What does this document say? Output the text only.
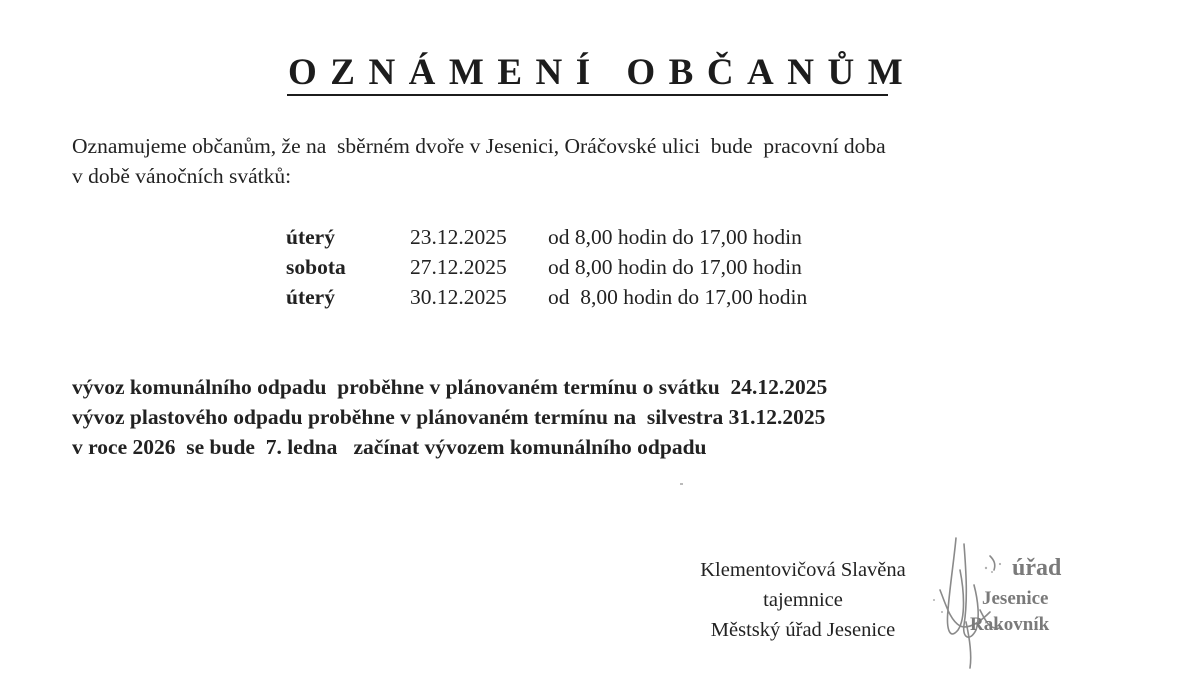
OZNÁMENÍ OBČANŮM
Oznamujeme občanům, že na  sběrném dvoře v Jesenici, Oráčovské ulici  bude  pracovní doba
v době vánočních svátků:
úterý	23.12.2025	od 8,00 hodin do 17,00 hodin
sobota	27.12.2025	od 8,00 hodin do 17,00 hodin
úterý	30.12.2025	od  8,00 hodin do 17,00 hodin
vývoz komunálního odpadu  proběhne v plánovaném termínu o svátku  24.12.2025
vývoz plastového odpadu proběhne v plánovaném termínu na  silvestra 31.12.2025
v roce 2026  se bude  7. ledna   začínat vývozem komunálního odpadu
Klementovičová Slavěna
tajemnice
Městský úřad Jesenice
úřad
Jesenice
Rakovník
